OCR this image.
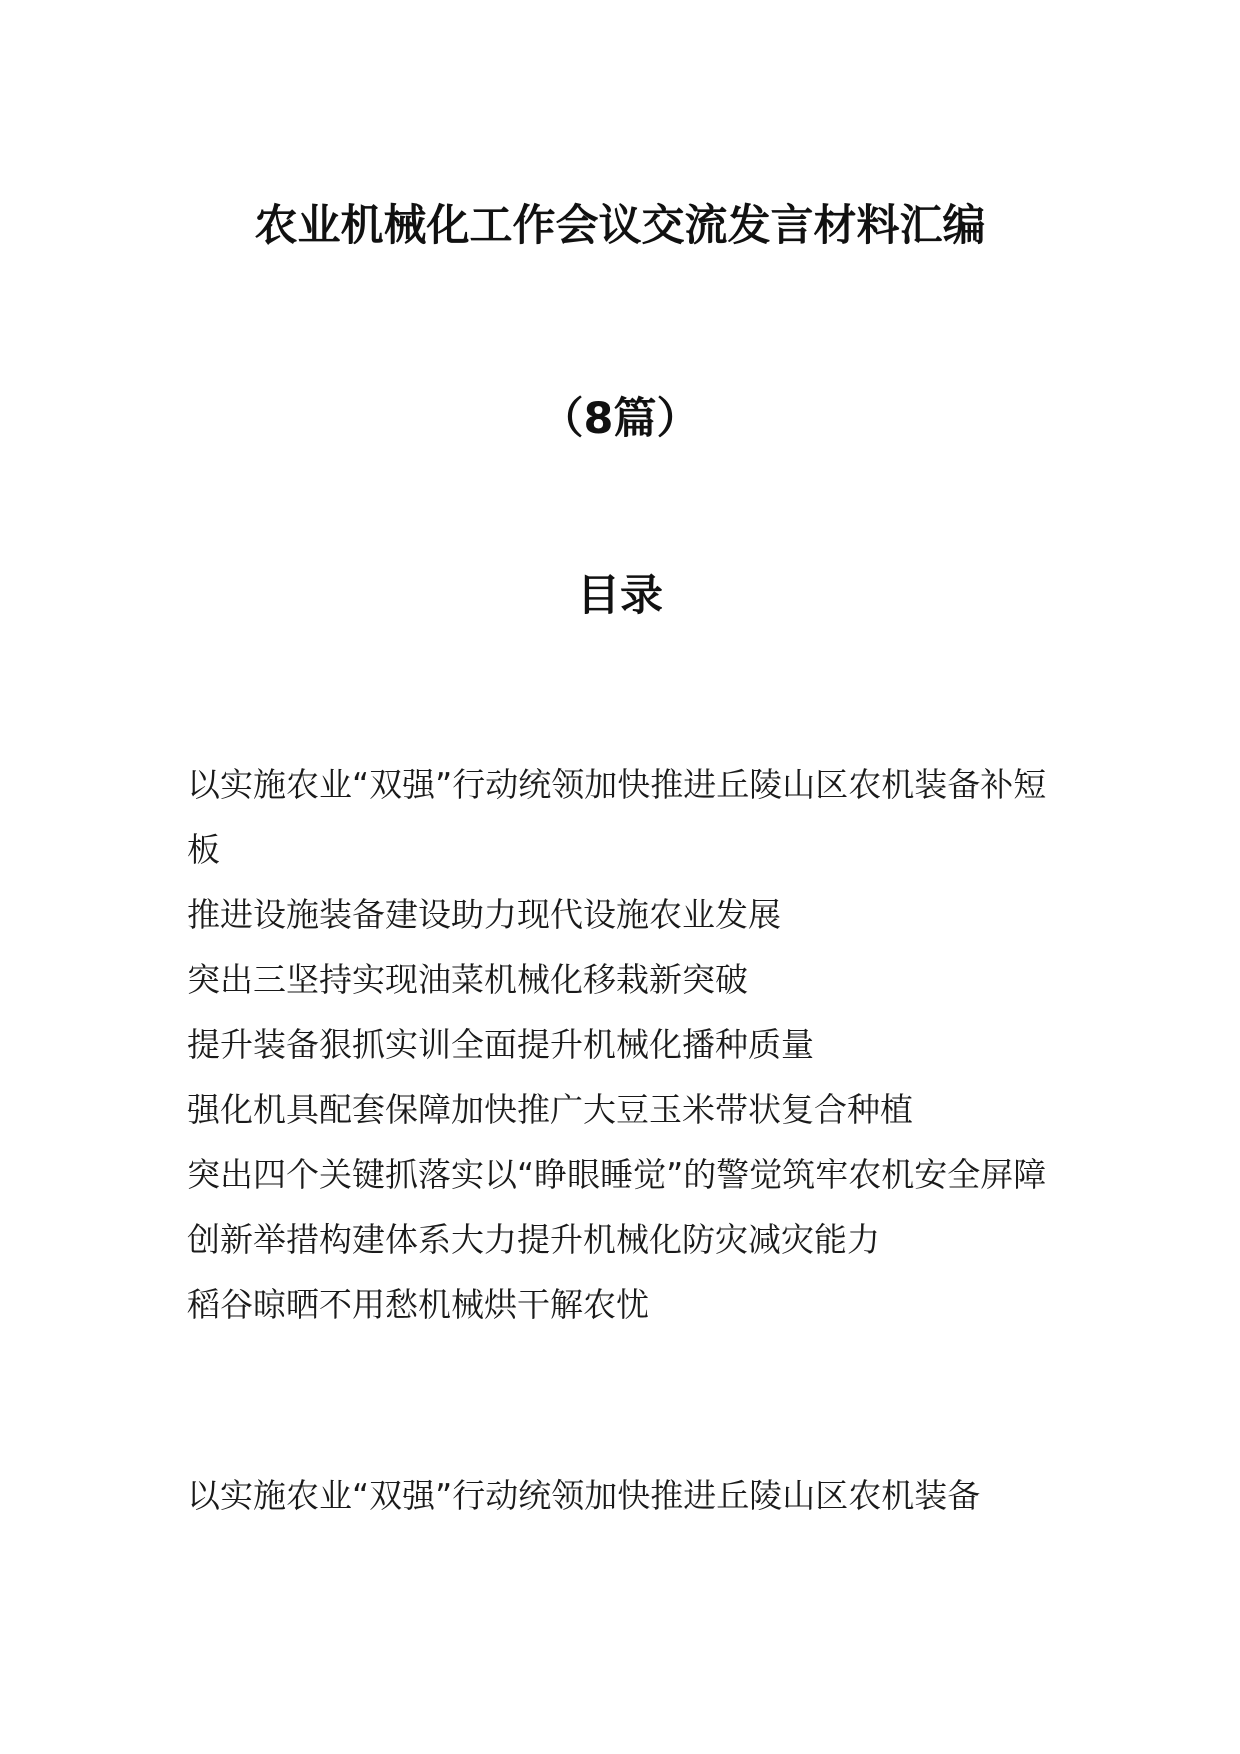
农业机械化工作会议交流发言材料汇编
（8篇）
目录
以实施农业“双强”行动统领加快推进丘陵山区农机装备补短板
推进设施装备建设助力现代设施农业发展
突出三坚持实现油菜机械化移栽新突破
提升装备狠抓实训全面提升机械化播种质量
强化机具配套保障加快推广大豆玉米带状复合种植
突出四个关键抓落实以“睁眼睡觉”的警觉筑牢农机安全屏障
创新举措构建体系大力提升机械化防灾减灾能力
稻谷晾晒不用愁机械烘干解农忧
以实施农业“双强”行动统领加快推进丘陵山区农机装备
